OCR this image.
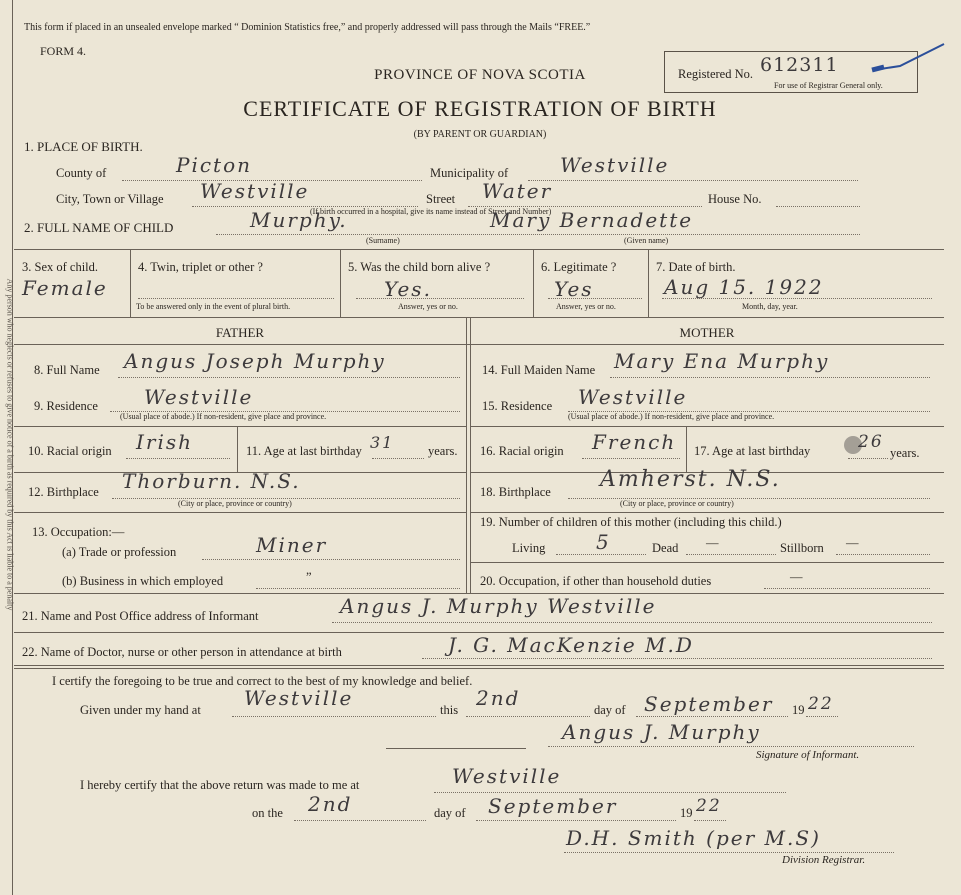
Any person who neglects or refuses to give notice of a birth as required by this Act is liable to a penalty
This form if placed in an unsealed envelope marked “ Dominion Statistics free,” and properly addressed will pass through the Mails “FREE.”
FORM 4.
PROVINCE OF NOVA SCOTIA
CERTIFICATE OF REGISTRATION OF BIRTH
(BY PARENT OR GUARDIAN)
Registered No. 612311
For use of Registrar General only.
1. PLACE OF BIRTH.
County of	Picton	Municipality of	Westville
City, Town or Village Westville	Street Water	House No.
(If birth occurred in a hospital, give its name instead of Street and Number)
2. FULL NAME OF CHILD	Murphy.	Mary Bernadette
(Surname)	(Given name)
3. Sex of child.
Female
4. Twin, triplet or other ?
To be answered only in the event of plural birth.
5. Was the child born alive ?
Yes.
Answer, yes or no.
6. Legitimate ?
Yes
Answer, yes or no.
7. Date of birth.
Aug 15. 1922
Month, day, year.
FATHER	MOTHER
8. Full Name Angus Joseph Murphy
9. Residence Westville
(Usual place of abode.) If non-resident, give place and province.
10. Racial origin Irish	11. Age at last birthday 31	years.
12. Birthplace Thorburn. N.S.
(City or place, province or country)
13. Occupation:—
(a) Trade or profession	Miner
(b) Business in which employed	”
14. Full Maiden Name Mary Ena Murphy
15. Residence Westville
(Usual place of abode.) If non-resident, give place and province.
16. Racial origin French 17. Age at last birthday	26
years.
18. Birthplace Amherst. N.S.
(City or place, province or country)
19. Number of children of this mother (including this child.)
Living	5	Dead —	Stillborn —
20. Occupation, if other than household duties	—
21. Name and Post Office address of Informant	Angus J. Murphy Westville
22. Name of Doctor, nurse or other person in attendance at birth	J. G. MacKenzie M.D
I certify the foregoing to be true and correct to the best of my knowledge and belief.
Given under my hand at Westville	this 2nd	day of September 19 22
Angus J. Murphy
Signature of Informant.
I hereby certify that the above return was made to me at	Westville
on the 2nd	day of September	19 22
D.H. Smith (per M.S)
Division Registrar.
